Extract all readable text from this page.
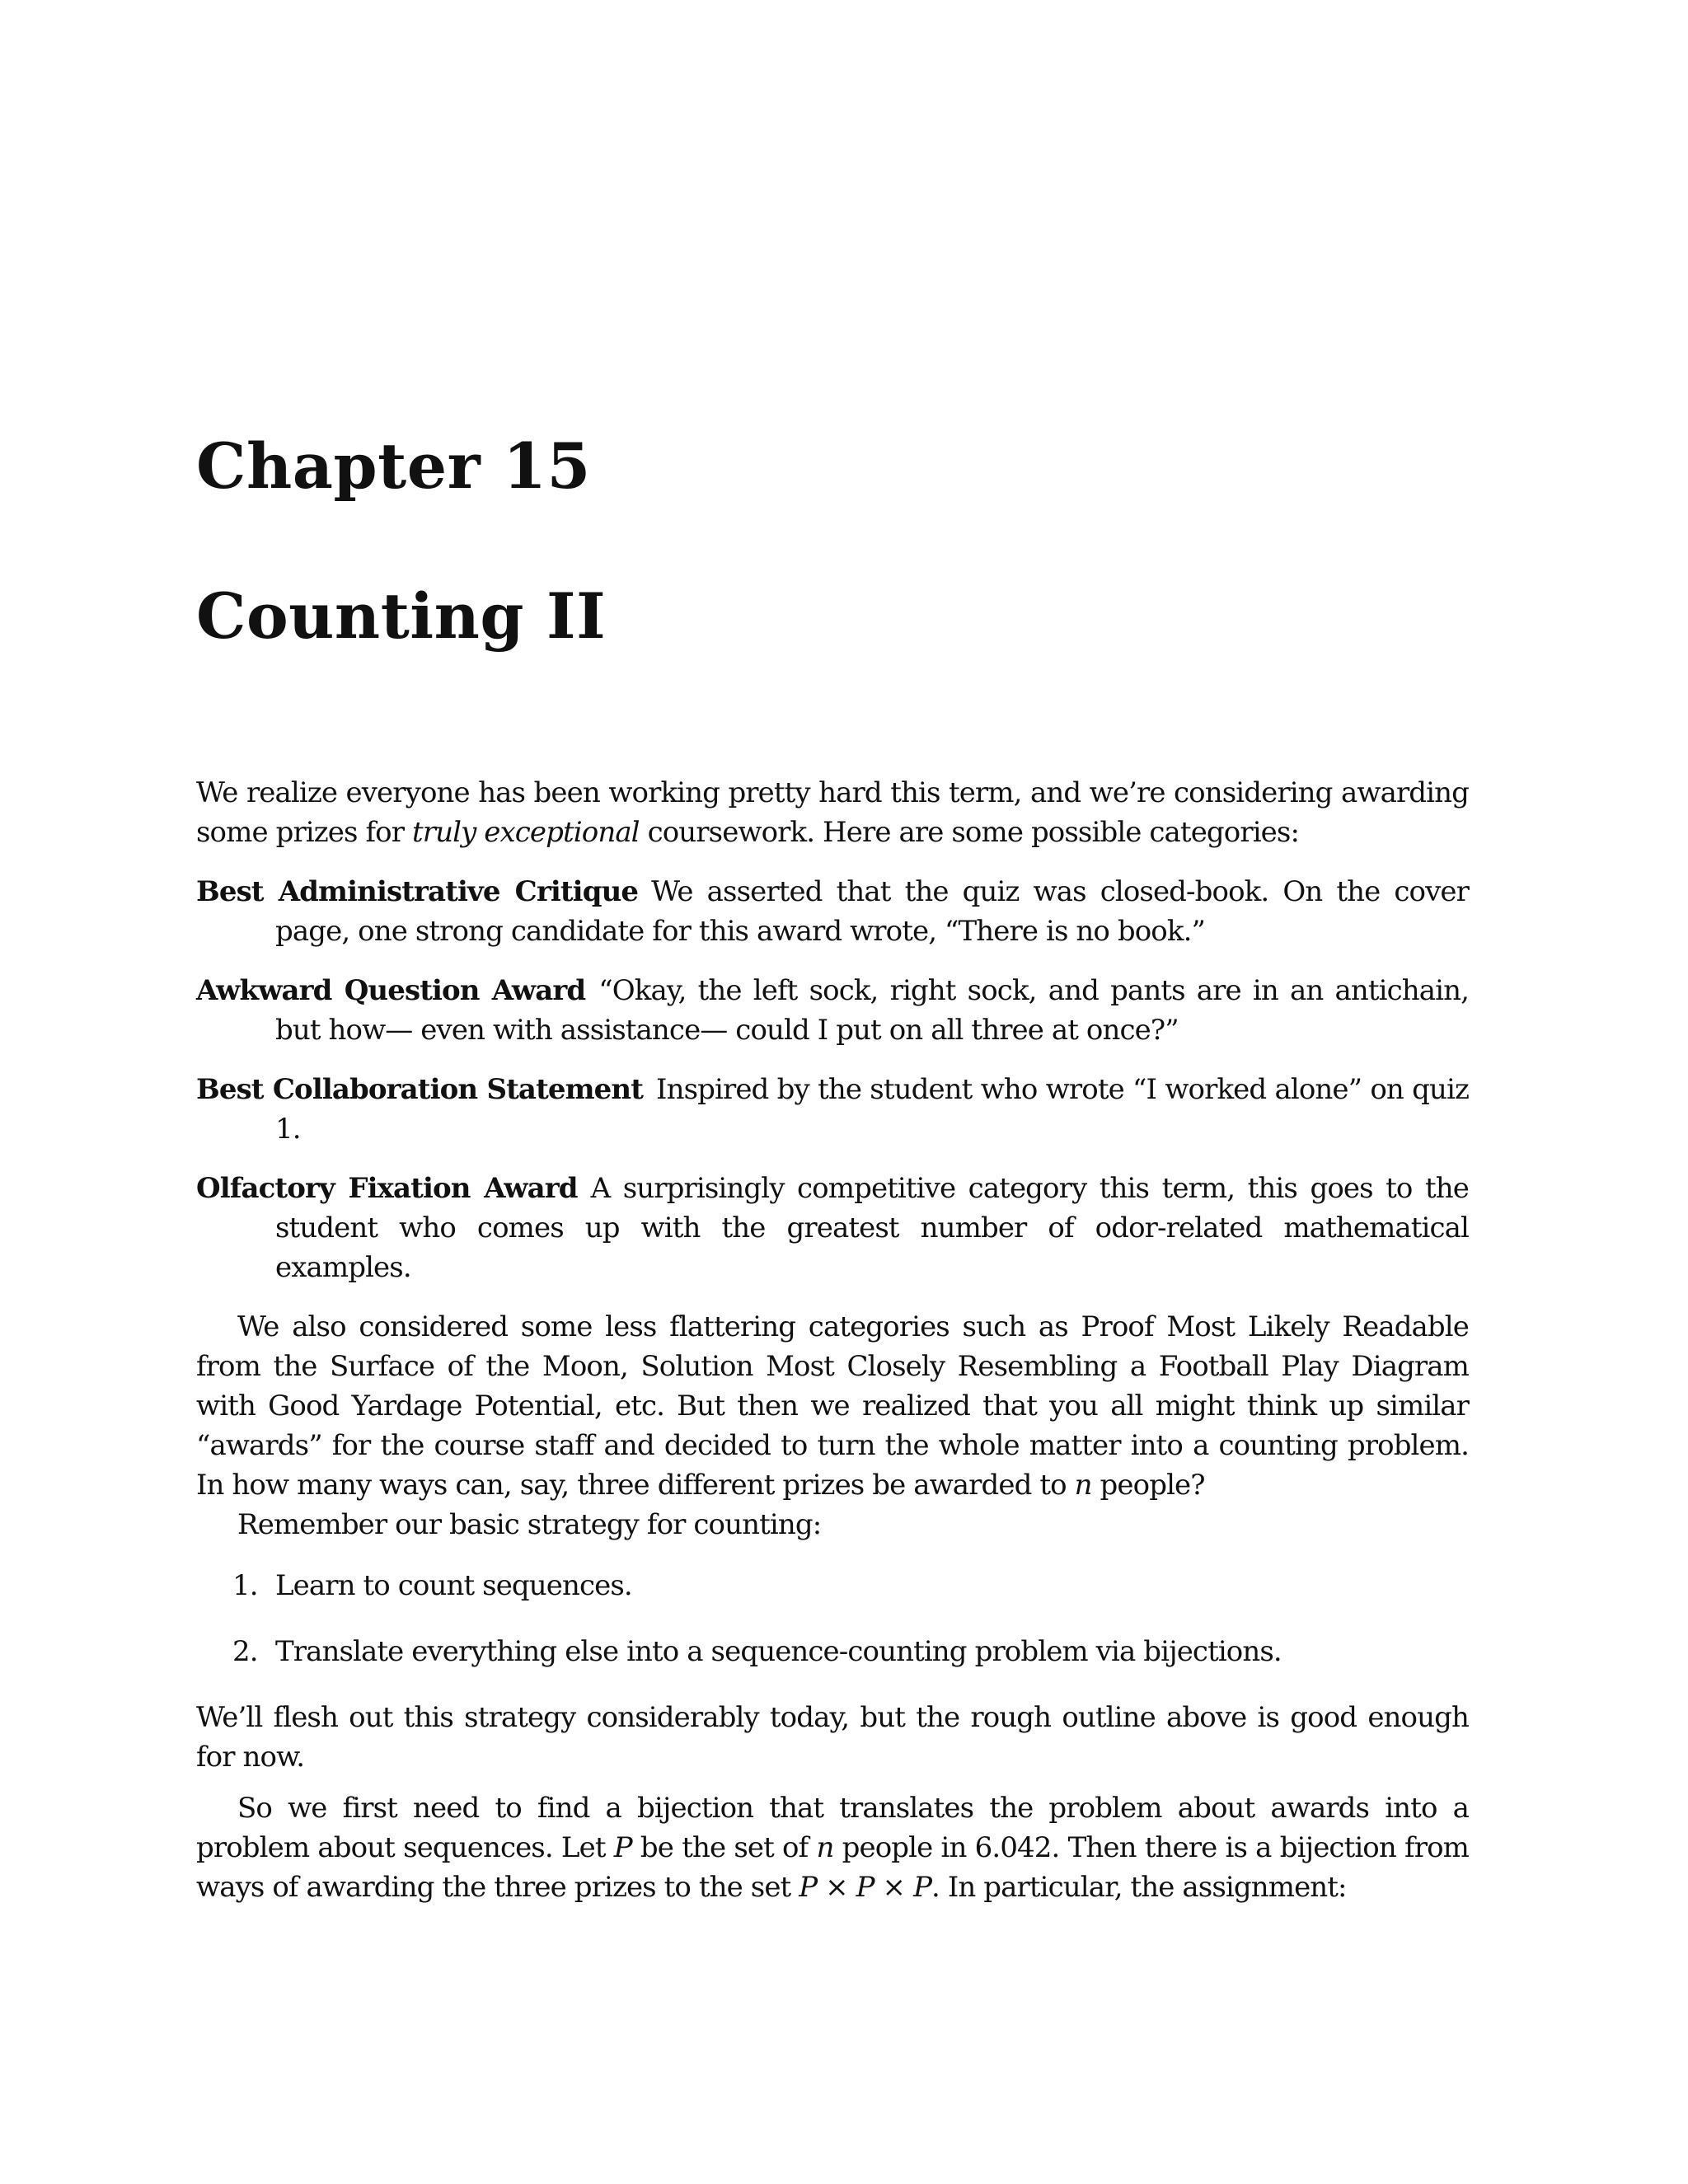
Chapter 15
Counting II

We realize everyone has been working pretty hard this term, and we’re considering awarding some prizes for truly exceptional coursework. Here are some possible categories:

Best Administrative Critique We asserted that the quiz was closed-book. On the cover page, one strong candidate for this award wrote, “There is no book.”

Awkward Question Award “Okay, the left sock, right sock, and pants are in an antichain, but how— even with assistance— could I put on all three at once?”

Best Collaboration Statement Inspired by the student who wrote “I worked alone” on quiz 1.

Olfactory Fixation Award A surprisingly competitive category this term, this goes to the student who comes up with the greatest number of odor-related mathematical examples.

We also considered some less flattering categories such as Proof Most Likely Readable from the Surface of the Moon, Solution Most Closely Resembling a Football Play Diagram with Good Yardage Potential, etc. But then we realized that you all might think up similar “awards” for the course staff and decided to turn the whole matter into a counting problem. In how many ways can, say, three different prizes be awarded to n people?

Remember our basic strategy for counting:

1. Learn to count sequences.
2. Translate everything else into a sequence-counting problem via bijections.

We’ll flesh out this strategy considerably today, but the rough outline above is good enough for now.

So we first need to find a bijection that translates the problem about awards into a problem about sequences. Let P be the set of n people in 6.042. Then there is a bijection from ways of awarding the three prizes to the set P × P × P. In particular, the assignment:
